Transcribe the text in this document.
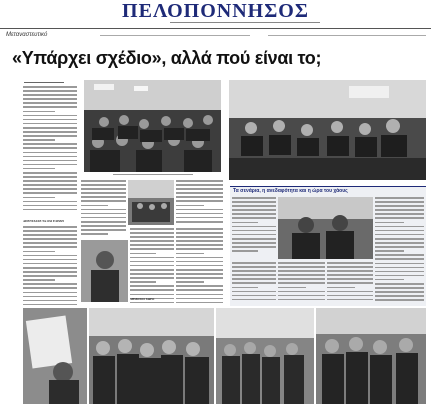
ΠΕΛΟΠΟΝΝΗΣΟΣ
Μεταναστευτικό
«Υπάρχει σχέδιο», αλλά πού είναι το;
ΑΠΕΝΤΑΣΣΕ ΤΑ ΟΧΙ ΕΛΗΔΗ
ΔΗΜΟΣΙΟ ΧΩΡΟ
Τα σενάρια, η ανεδαφότητα και η ώρα του χάους
